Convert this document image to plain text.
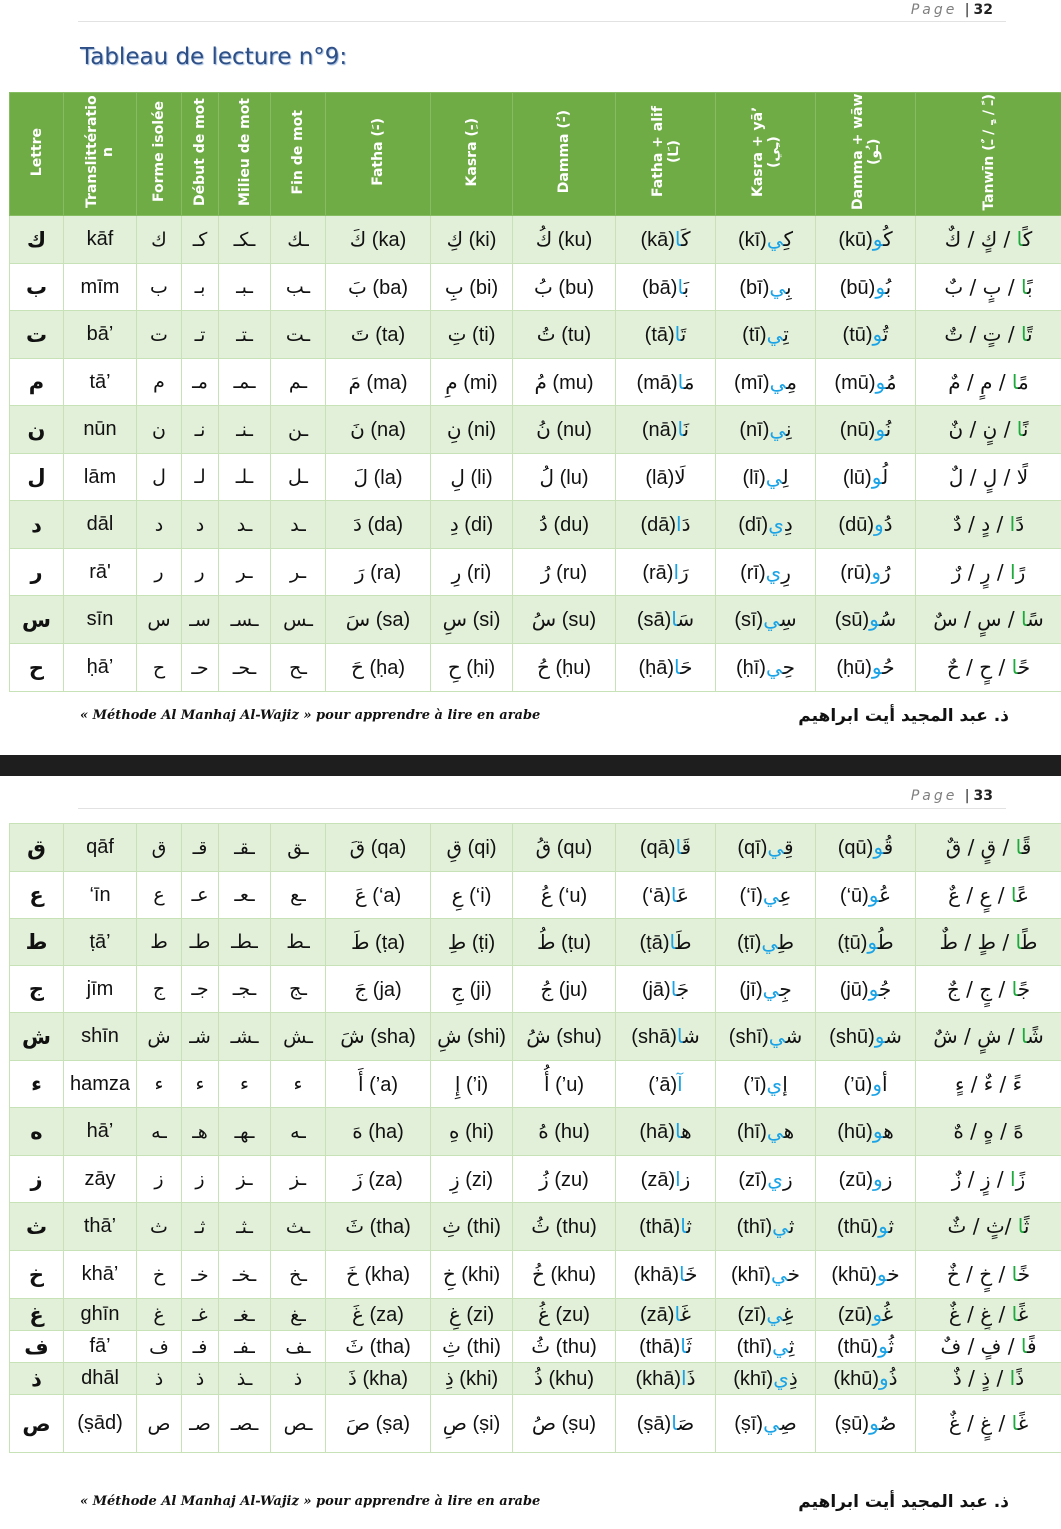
Page | 32
Tableau de lecture n°9:
Lettre	Translittératio n	Forme isolée	Début de mot	Milieu de mot	Fin de mot	Fatha (-َ)	Kasra (-ِ)	Damma (-ُ)	Fatha + alif (ـَا)	Kasra + yā’ (ـِي)	Damma + wāw (ـُو)	Tanwīn (ـً / ـٍ / ـٌ)
ك	kāf	ك	كـ	ـكـ	ـك	كَ (ka)	كِ (ki)	كُ (ku)	(kā) كَا	(kī) كِي	(kū) كُو	كًا / كٍ / كٌ
ب	mīm	ب	بـ	ـبـ	ـب	بَ (ba)	بِ (bi)	بُ (bu)	(bā) بَا	(bī) بِي	(bū) بُو	بًا / بٍ / بٌ
ت	bā’	ت	تـ	ـتـ	ـت	تَ (ta)	تِ (ti)	تُ (tu)	(tā) تَا	(tī) تِي	(tū) تُو	تًا / تٍ / تٌ
م	tā’	م	مـ	ـمـ	ـم	مَ (ma)	مِ (mi)	مُ (mu)	(mā) مَا	(mī) مِي	(mū) مُو	مًا / مٍ / مٌ
ن	nūn	ن	نـ	ـنـ	ـن	نَ (na)	نِ (ni)	نُ (nu)	(nā) نَا	(nī) نِي	(nū) نُو	نًا / نٍ / نٌ
ل	lām	ل	لـ	ـلـ	ـل	لَ (la)	لِ (li)	لُ (lu)	(lā)لَا	(lī) لِي	(lū) لُو	لًا / لٍ / لٌ
د	dāl	د	د	ـد	ـد	دَ (da)	دِ (di)	دُ (du)	(dā) دَا	(dī) دِي	(dū) دُو	دًا / دٍ / دٌ
ر	rā'	ر	ر	ـر	ـر	رَ (ra)	رِ (ri)	رُ (ru)	(rā) رَا	(rī) رِي	(rū) رُو	رًا / رٍ / رٌ
س	sīn	س	سـ	ـسـ	ـس	سَ (sa)	سِ (si)	سُ (su)	(sā) سَا	(sī) سِي	(sū) سُو	سًا / سٍ / سٌ
ح	ḥā’	ح	حـ	ـحـ	ـح	حَ (ḥa)	حِ (ḥi)	حُ (ḥu)	(ḥā) حَا	(ḥī) حِي	(ḥū) حُو	حًا / حٍ / حٌ
« Méthode Al Manhaj Al-Wajiz » pour apprendre à lire en arabe	ذ. عبد المجيد أيت ابراهيم
Page | 33
ق	qāf	ق	قـ	ـقـ	ـق	قَ (qa)	قِ (qi)	قُ (qu)	(qā) قَا	(qī) قِي	(qū) قُو	قًا / قٍ / قٌ
ع	‘īn	ع	عـ	ـعـ	ـع	عَ (‘a)	عِ (‘i)	عُ (‘u)	(‘ā) عَا	(‘ī) عِي	(‘ū) عُو	عًا / عٍ / عٌ
ط	ṭā’	ط	طـ	ـطـ	ـط	طَ (ṭa)	طِ (ṭi)	طُ (ṭu)	(ṭā) طَا	(ṭī) طِي	(ṭū) طُو	طًا / طٍ / طٌ
ج	jīm	ج	جـ	ـجـ	ـج	جَ (ja)	جِ (ji)	جُ (ju)	(jā) جَا	(jī) جِي	(jū) جُو	جًا / جٍ / جٌ
ش	shīn	ش	شـ	ـشـ	ـش	شَ (sha)	شِ (shi)	شُ (shu)	(shā) شا	(shī) شي	(shū) شو	شًا / شٍ / شٌ
ء	hamza	ء	ء	ء	ء	أَ (’a)	إِ (’i)	أُ (’u)	(’ā)آ	(’ī) إي	(’ū) أو	ءً / ءٌ / ءٍ
ه	hā’	ـه	هـ	ـهـ	ـه	هَ (ha)	هِ (hi)	هُ (hu)	(hā) ها	(hī) هي	(hū) هو	هً / هٍ / هٌ
ز	zāy	ز	ز	ـز	ـز	زَ (za)	زِ (zi)	زُ (zu)	(zā) زا	(zī) زي	(zū) زو	زًا / زٍ / زٌ
ث	thā’	ث	ثـ	ـثـ	ـث	ثَ (tha)	ثِ (thi)	ثُ (thu)	(thā) ثا	(thī) ثي	(thū) ثو	ثًا /ثٍ / ثٌ
خ	khā’	خ	خـ	ـخـ	ـخ	خَ (kha)	خِ (khi)	خُ (khu)	(khā) خَا	(khī) خي	(khū) خو	خًا / خٍ / خٌ
غ	ghīn	غ	غـ	ـغـ	ـغ	غَ (za)	غِ (zi)	غُ (zu)	(zā) غَا	(zī) غِي	(zū) غُو	غًا / غٍ / غٌ
ف	fā’	ف	فـ	ـفـ	ـف	ثَ (tha)	ثِ (thi)	ثُ (thu)	(thā) ثَا	(thī) ثِي	(thū) ثُو	فًا / فٍ / فٌ
ذ	dhāl	ذ	ذ	ـذ	ذ	ذَ (kha)	ذِ (khi)	ذُ (khu)	(khā) ذَا	(khī) ذِي	(khū) ذُو	ذًا / ذٍ / ذٌ
ص	(ṣād)	ص	صـ	ـصـ	ـص	صَ (ṣa)	صِ (ṣi)	صُ (ṣu)	(ṣā) صَا	(ṣī) صِي	(ṣū) صُو	غًا / غٍ / غٌ
« Méthode Al Manhaj Al-Wajiz » pour apprendre à lire en arabe	ذ. عبد المجيد أيت ابراهيم
